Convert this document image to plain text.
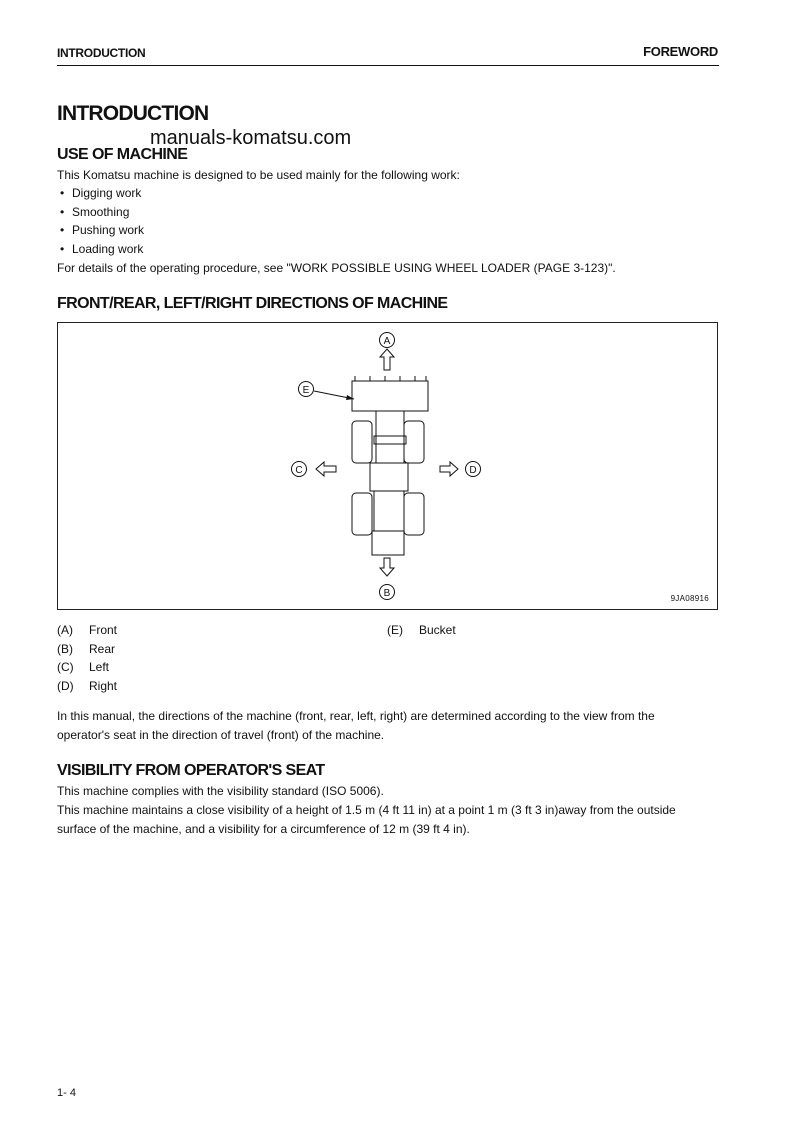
INTRODUCTION	FOREWORD
INTRODUCTION
manuals-komatsu.com
USE OF MACHINE
This Komatsu machine is designed to be used mainly for the following work:
• Digging work
• Smoothing
• Pushing work
• Loading work
For details of the operating procedure, see "WORK POSSIBLE USING WHEEL LOADER (PAGE 3-123)".
FRONT/REAR, LEFT/RIGHT DIRECTIONS OF MACHINE
A
B
C	D
E
9JA08916
(A) Front
(B) Rear
(C) Left
(D) Right
(E) Bucket
In this manual, the directions of the machine (front, rear, left, right) are determined according to the view from the
operator's seat in the direction of travel (front) of the machine.
VISIBILITY FROM OPERATOR'S SEAT
This machine complies with the visibility standard (ISO 5006).
This machine maintains a close visibility of a height of 1.5 m (4 ft 11 in) at a point 1 m (3 ft 3 in)away from the outside
surface of the machine, and a visibility for a circumference of 12 m (39 ft 4 in).
1- 4
